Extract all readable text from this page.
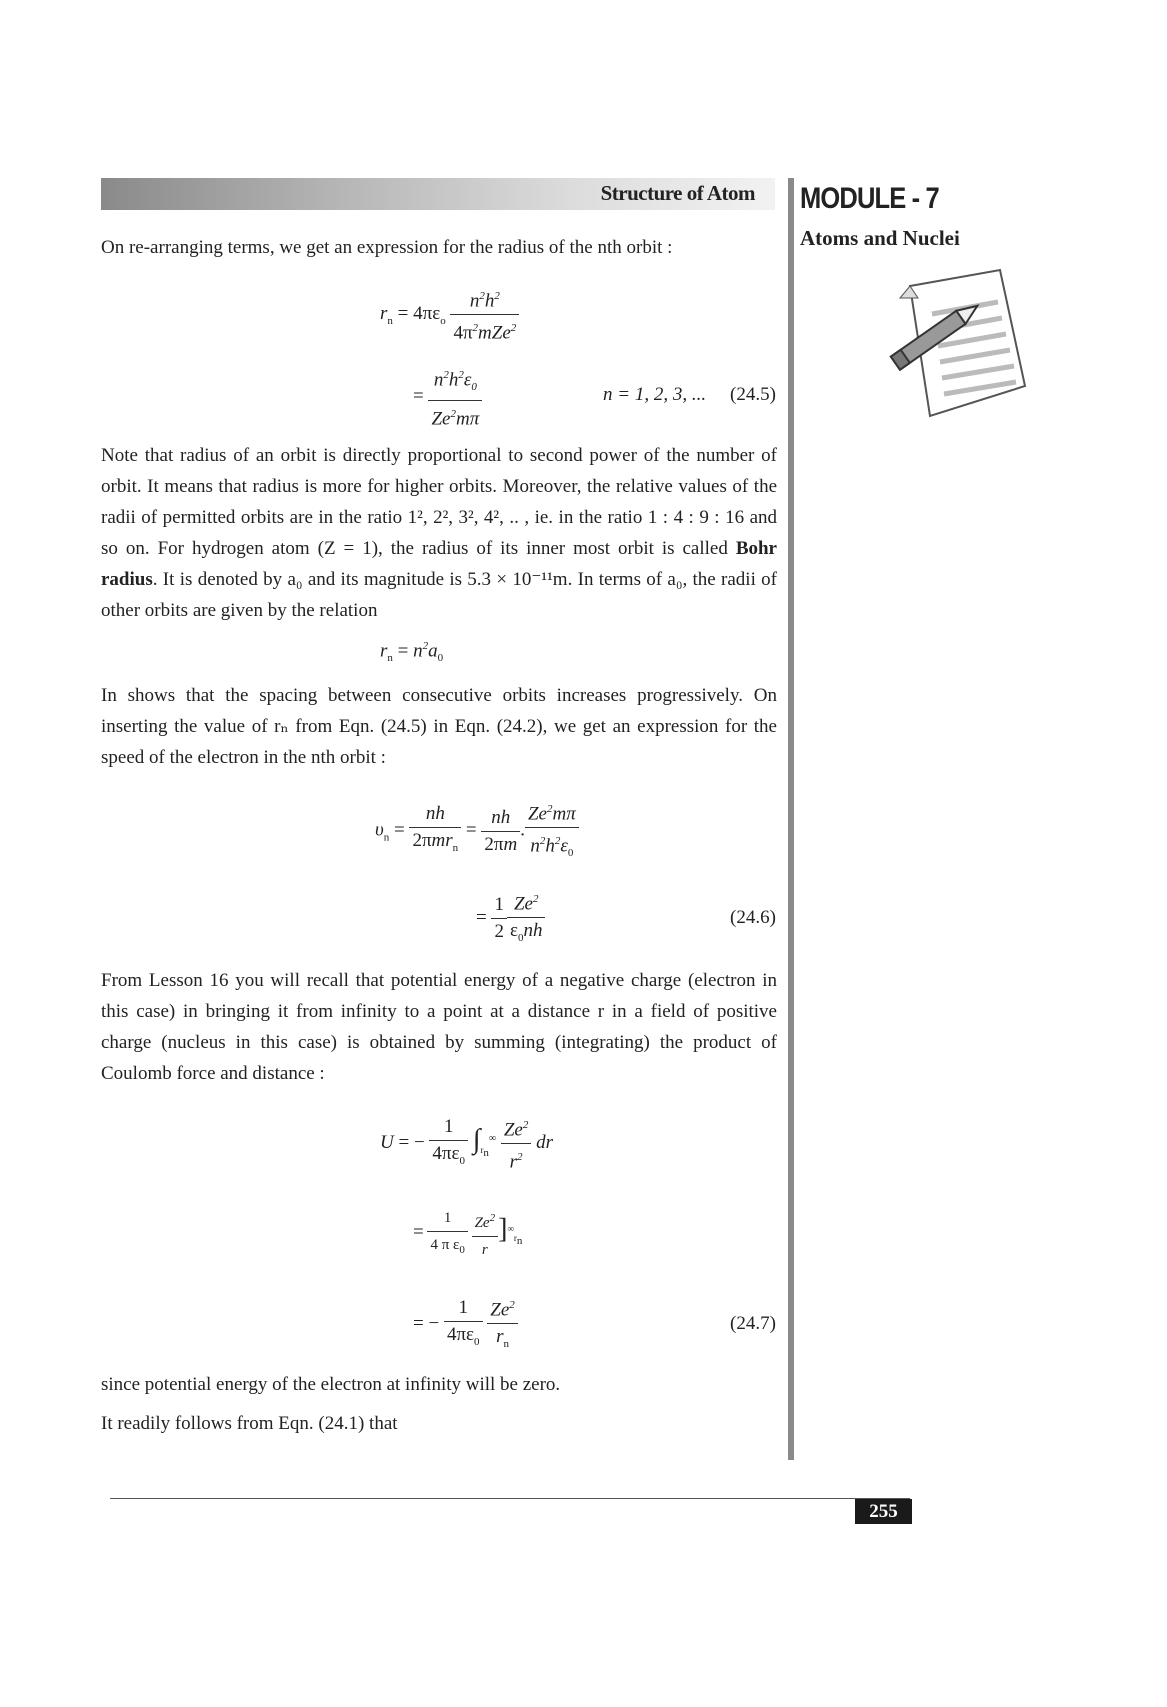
Structure of Atom MODULE - 7
Atoms and Nuclei
On re-arranging terms, we get an expression for the radius of the nth orbit :
$r_n = 4\pi\varepsilon_o \frac{n^2h^2}{4\pi^2mZe^2}$
= $\frac{n^2h^2\varepsilon_0}{Ze^2m\pi}$	n = 1, 2, 3, ... (24.5)
Note that radius of an orbit is directly proportional to second power of the number of orbit. It means that radius is more for higher orbits. Moreover, the relative values of the radii of permitted orbits are in the ratio 1², 2², 3², 4², .. , ie. in the ratio 1 : 4 : 9 : 16 and so on. For hydrogen atom (Z = 1), the radius of its inner most orbit is called Bohr radius. It is denoted by a₀ and its magnitude is 5.3 × 10⁻¹¹m. In terms of a₀, the radii of other orbits are given by the relation
$r_n = n^2a_0$
In shows that the spacing between consecutive orbits increases progressively. On inserting the value of rₙ from Eqn. (24.5) in Eqn. (24.2), we get an expression for the speed of the electron in the nth orbit :
$\upsilon_n = \frac{nh}{2\pi mr_n} = \frac{nh}{2\pi m}$ . $\frac{Ze^2m\pi}{n^2h^2\varepsilon_0}$
= $\frac{1}{2} \frac{Ze^2}{\varepsilon_0nh}$	(24.6)
From Lesson 16 you will recall that potential energy of a negative charge (electron in this case) in bringing it from infinity to a point at a distance r in a field of positive charge (nucleus in this case) is obtained by summing (integrating) the product of Coulomb force and distance :
U = − $\frac{1}{4\pi\varepsilon_0} \int_{r_n}^\infty \frac{Ze^2}{r^2}$ dr
= $\frac{1}{4 \pi \varepsilon_0}$
$\frac{Ze^2}{r} ]^\infty_{r_n}$
= − $\frac{1}{4\pi\varepsilon_0}$
$\frac{Ze^2}{r_n}$	(24.7)
since potential energy of the electron at infinity will be zero.
It readily follows from Eqn. (24.1) that
255
